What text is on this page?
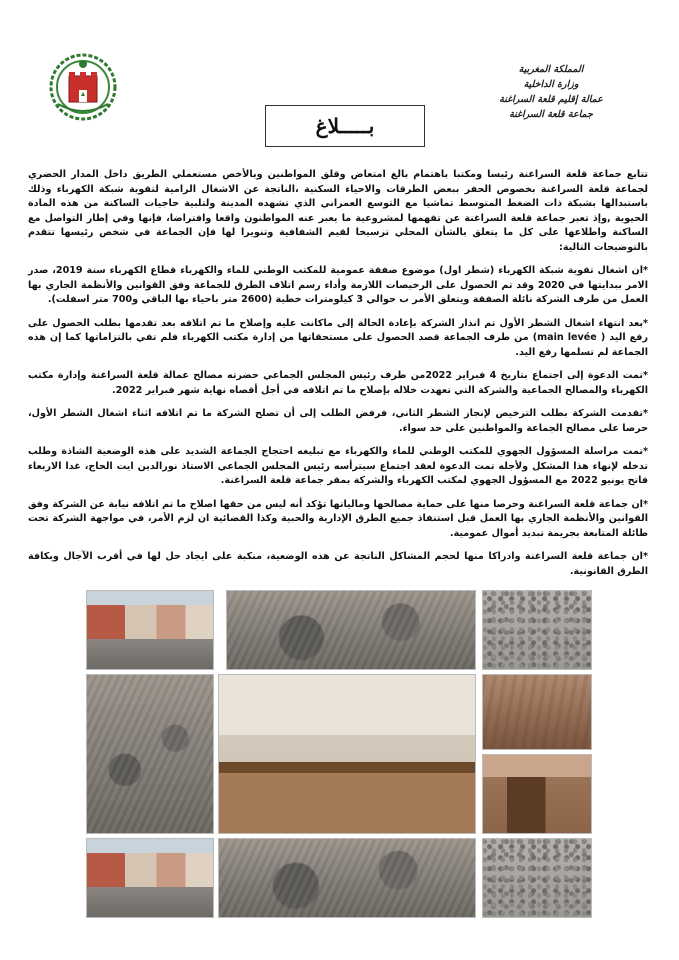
المملكة المغربية
وزارة الداخلية
عمالة إقليم قلعة السراغنة
جماعة قلعة السراغنة
بـــــلاغ

تتابع جماعة قلعة السراغنة رئيسا ومكتبا باهتمام بالغ امتعاض وقلق المواطنين وبالأخص مستعملي الطريق داخل المدار الحضري لجماعة قلعة السراغنة بخصوص الحفر ببعض الطرقات والاحياء السكنية ،الناتجة عن الاشغال الرامية لتقوية شبكة الكهرباء وذلك باستبدالها بشبكة ذات الضغط المتوسط تماشيا مع التوسع العمراني الذي تشهده المدينة ولتلبية حاجيات الساكنة من هذه المادة الحيوية ,وإذ تعبر جماعة قلعة السراغنة عن تفهمها لمشروعية ما يعبر عنه المواطنون واقعا وافتراضا، فإنها وفي إطار التواصل مع الساكنة واطلاعها على كل ما يتعلق بالشأن المحلي ترسيخا لقيم الشفافية وتنويرا لها فإن الجماعة في شخص رئيسها تتقدم بالتوضيحات التالية:

*ان اشغال تقوية شبكة الكهرباء (شطر اول) موضوع صفقة عمومية للمكتب الوطني للماء والكهرباء قطاع الكهرباء سنة 2019، صدر الامر ببدايتها في 2020 وقد تم الحصول على الرخيصات اللازمة وأداء رسم اتلاف الطرق للجماعة وفق القوانين والأنظمة الجاري بها العمل من طرف الشركة نائلة الصفقة ويتعلق الأمر ب حوالي 3 كيلومترات خطية (2600 متر باحياء بها الباقي و700 متر اسفلت).

*بعد انتهاء اشغال الشطر الأول تم انذار الشركة بإعادة الحالة إلى ماكانت عليه وإصلاح ما تم اتلافه بعد تقدمها بطلب الحصول على رفع اليد ( main levée) من طرف الجماعة قصد الحصول على مستحقاتها من إدارة مكتب الكهرباء فلم تفي بالتزاماتها كما إن هذه الجماعة لم تسلمها رفع اليد.

*تمت الدعوة إلى اجتماع بتاريخ 4 فبراير 2022من طرف رئيس المجلس الجماعي حضرته مصالح عمالة قلعة السراغنة وإدارة مكتب الكهرباء والمصالح الجماعية والشركة التي تعهدت خلاله بإصلاح ما تم اتلافه في أجل أقصاه نهاية شهر فبراير 2022.

*تقدمت الشركة بطلب الترخيص لإنجاز الشطر الثاني، فرفض الطلب إلى أن تصلح الشركة ما تم اتلافه اثناء اشغال الشطر الأول، حرصا على مصالح الجماعة والمواطنين على حد سواء.

*تمت مراسلة المسؤول الجهوي للمكتب الوطني للماء والكهرباء مع تبليغه احتجاج الجماعة الشديد على هذه الوضعية الشاذة وطلب تدخله لإنهاء هذا المشكل ولأجله تمت الدعوة لعقد اجتماع سيترأسه رئيس المجلس الجماعي الاستاذ نورالدين ايت الحاج، غدا الاربعاء فاتح يونيو 2022 مع المسؤول الجهوي لمكتب الكهرباء والشركة بمقر جماعة قلعة السراغنة.

*ان جماعة قلعة السراغنة وحرصا منها على حماية مصالحها ومالياتها تؤكد أنه ليس من حقها اصلاح ما تم اتلافه نيابة عن الشركة وفق القوانين والأنظمة الجاري بها العمل قبل استنفاذ جميع الطرق الإدارية والحبية وكذا القضائية ان لزم الأمر، في مواجهة الشركة تحت طائلة المتابعة بجريمة تبديد أموال عمومية.

*ان جماعة قلعة السراغنة وادراكا منها لحجم المشاكل الناتجة عن هذه الوضعية، منكبة على ايجاد حل لها في أقرب الآجال وبكافة الطرق القانونية.
